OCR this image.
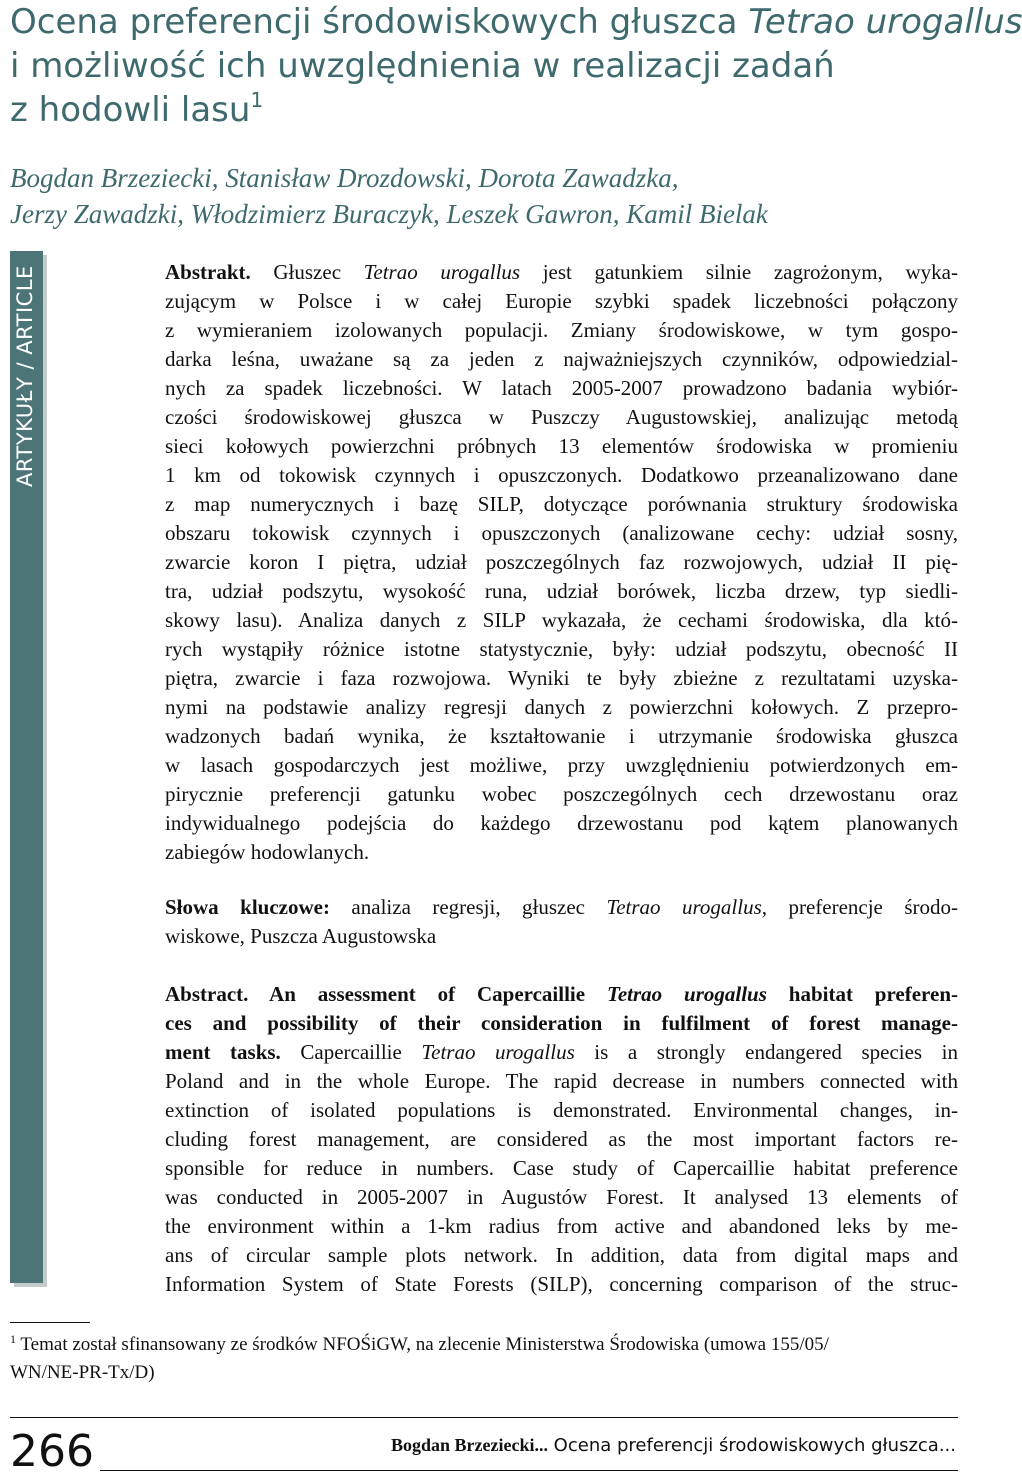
Ocena preferencji środowiskowych głuszca Tetrao urogallus
i możliwość ich uwzględnienia w realizacji zadań
z hodowli lasu$^1$
Bogdan Brzeziecki, Stanisław Drozdowski, Dorota Zawadzka,
Jerzy Zawadzki, Włodzimierz Buraczyk, Leszek Gawron, Kamil Bielak
ARTYKUŁY / ARTICLE	Abstrakt. Głuszec Tetrao urogallus jest gatunkiem silnie zagrożonym, wyka-
zującym w Polsce i w całej Europie szybki spadek liczebności połączony
z wymieraniem izolowanych populacji. Zmiany środowiskowe, w tym gospo-
darka leśna, uważane są za jeden z najważniejszych czynników, odpowiedzial-
nych za spadek liczebności. W latach 2005-2007 prowadzono badania wybiór-
czości środowiskowej głuszca w Puszczy Augustowskiej, analizując metodą
sieci kołowych powierzchni próbnych 13 elementów środowiska w promieniu
1 km od tokowisk czynnych i opuszczonych. Dodatkowo przeanalizowano dane
z map numerycznych i bazę SILP, dotyczące porównania struktury środowiska
obszaru tokowisk czynnych i opuszczonych (analizowane cechy: udział sosny,
zwarcie koron I piętra, udział poszczególnych faz rozwojowych, udział II pię-
tra, udział podszytu, wysokość runa, udział borówek, liczba drzew, typ siedli-
skowy lasu). Analiza danych z SILP wykazała, że cechami środowiska, dla któ-
rych wystąpiły różnice istotne statystycznie, były: udział podszytu, obecność II
piętra, zwarcie i faza rozwojowa. Wyniki te były zbieżne z rezultatami uzyska-
nymi na podstawie analizy regresji danych z powierzchni kołowych. Z przepro-
wadzonych badań wynika, że kształtowanie i utrzymanie środowiska głuszca
w lasach gospodarczych jest możliwe, przy uwzględnieniu potwierdzonych em-
pirycznie preferencji gatunku wobec poszczególnych cech drzewostanu oraz
indywidualnego podejścia do każdego drzewostanu pod kątem planowanych
zabiegów hodowlanych.
Słowa kluczowe: analiza regresji, głuszec Tetrao urogallus, preferencje środo-
wiskowe, Puszcza Augustowska
Abstract. An assessment of Capercaillie Tetrao urogallus habitat preferen-
ces and possibility of their consideration in fulfilment of forest manage-
ment tasks. Capercaillie Tetrao urogallus is a strongly endangered species in
Poland and in the whole Europe. The rapid decrease in numbers connected with
extinction of isolated populations is demonstrated. Environmental changes, in-
cluding forest management, are considered as the most important factors re-
sponsible for reduce in numbers. Case study of Capercaillie habitat preference
was conducted in 2005-2007 in Augustów Forest. It analysed 13 elements of
the environment within a 1-km radius from active and abandoned leks by me-
ans of circular sample plots network. In addition, data from digital maps and
Information System of State Forests (SILP), concerning comparison of the struc-
$^1$ Temat został sfinansowany ze środków NFOŚiGW, na zlecenie Ministerstwa Środowiska (umowa 155/05/
WN/NE-PR-Tx/D)
266	Bogdan Brzeziecki... Ocena preferencji środowiskowych głuszca...
